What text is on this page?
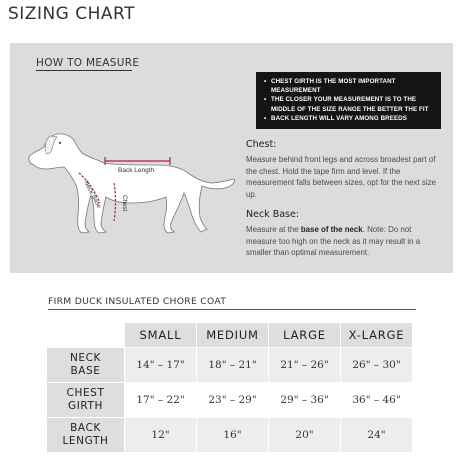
SIZING CHART
HOW TO MEASURE
Back Length
Neck Base	Chest
• CHEST GIRTH IS THE MOST IMPORTANT MEASUREMENT
• THE CLOSER YOUR MEASUREMENT IS TO THE MIDDLE OF THE SIZE RANGE THE BETTER THE FIT
• BACK LENGTH WILL VARY AMONG BREEDS
Chest:
Measure behind front legs and across broadest part of the chest. Hold the tape firm and level. If the measurement falls between sizes, opt for the next size up.
Neck Base:
Measure at the base of the neck. Note: Do not measure too high on the neck as it may result in a smaller than optimal measurement.
FIRM DUCK INSULATED CHORE COAT
	SMALL	MEDIUM	LARGE	X-LARGE
NECK
BASE	14" – 17"	18" – 21"	21" – 26"	26" – 30"
CHEST
GIRTH	17" – 22"	23" – 29"	29" – 36"	36" – 46"
BACK
LENGTH	12"	16"	20"	24"
